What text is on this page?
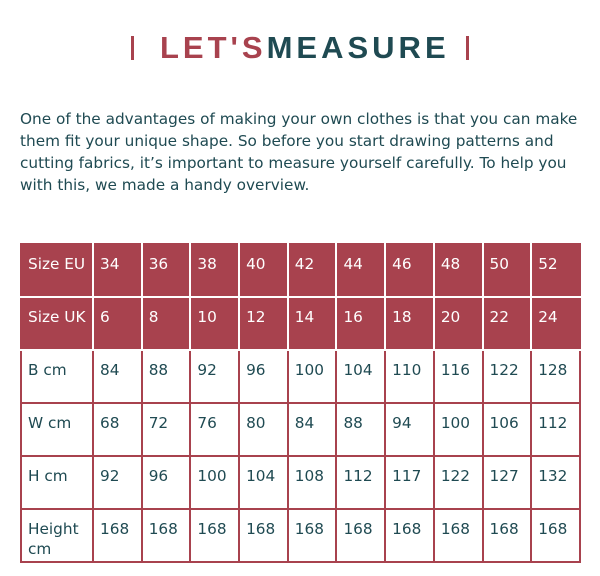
LET'SMEASURE

One of the advantages of making your own clothes is that you can make them fit your unique shape. So before you start drawing patterns and cutting fabrics, it’s important to measure yourself carefully. To help you with this, we made a handy overview.

Size EU	34	36	38	40	42	44	46	48	50	52
Size UK	6	8	10	12	14	16	18	20	22	24
B cm	84	88	92	96	100	104	110	116	122	128
W cm	68	72	76	80	84	88	94	100	106	112
H cm	92	96	100	104	108	112	117	122	127	132
Height cm	168	168	168	168	168	168	168	168	168	168
